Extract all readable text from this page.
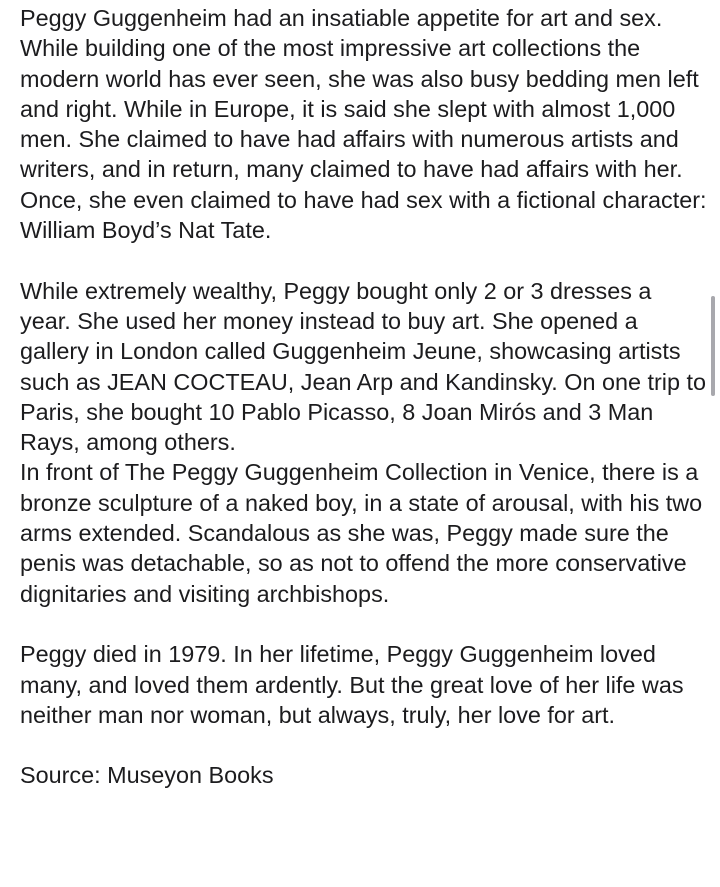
Peggy Guggenheim had an insatiable appetite for art and sex. While building one of the most impressive art collections the modern world has ever seen, she was also busy bedding men left and right. While in Europe, it is said she slept with almost 1,000 men. She claimed to have had affairs with numerous artists and writers, and in return, many claimed to have had affairs with her. Once, she even claimed to have had sex with a fictional character: William Boyd’s Nat Tate.

While extremely wealthy, Peggy bought only 2 or 3 dresses a year. She used her money instead to buy art. She opened a gallery in London called Guggenheim Jeune, showcasing artists such as JEAN COCTEAU, Jean Arp and Kandinsky. On one trip to Paris, she bought 10 Pablo Picasso, 8 Joan Mirós and 3 Man Rays, among others.

In front of The Peggy Guggenheim Collection in Venice, there is a bronze sculpture of a naked boy, in a state of arousal, with his two arms extended. Scandalous as she was, Peggy made sure the penis was detachable, so as not to offend the more conservative dignitaries and visiting archbishops.

Peggy died in 1979. In her lifetime, Peggy Guggenheim loved many, and loved them ardently. But the great love of her life was neither man nor woman, but always, truly, her love for art.

Source: Museyon Books
